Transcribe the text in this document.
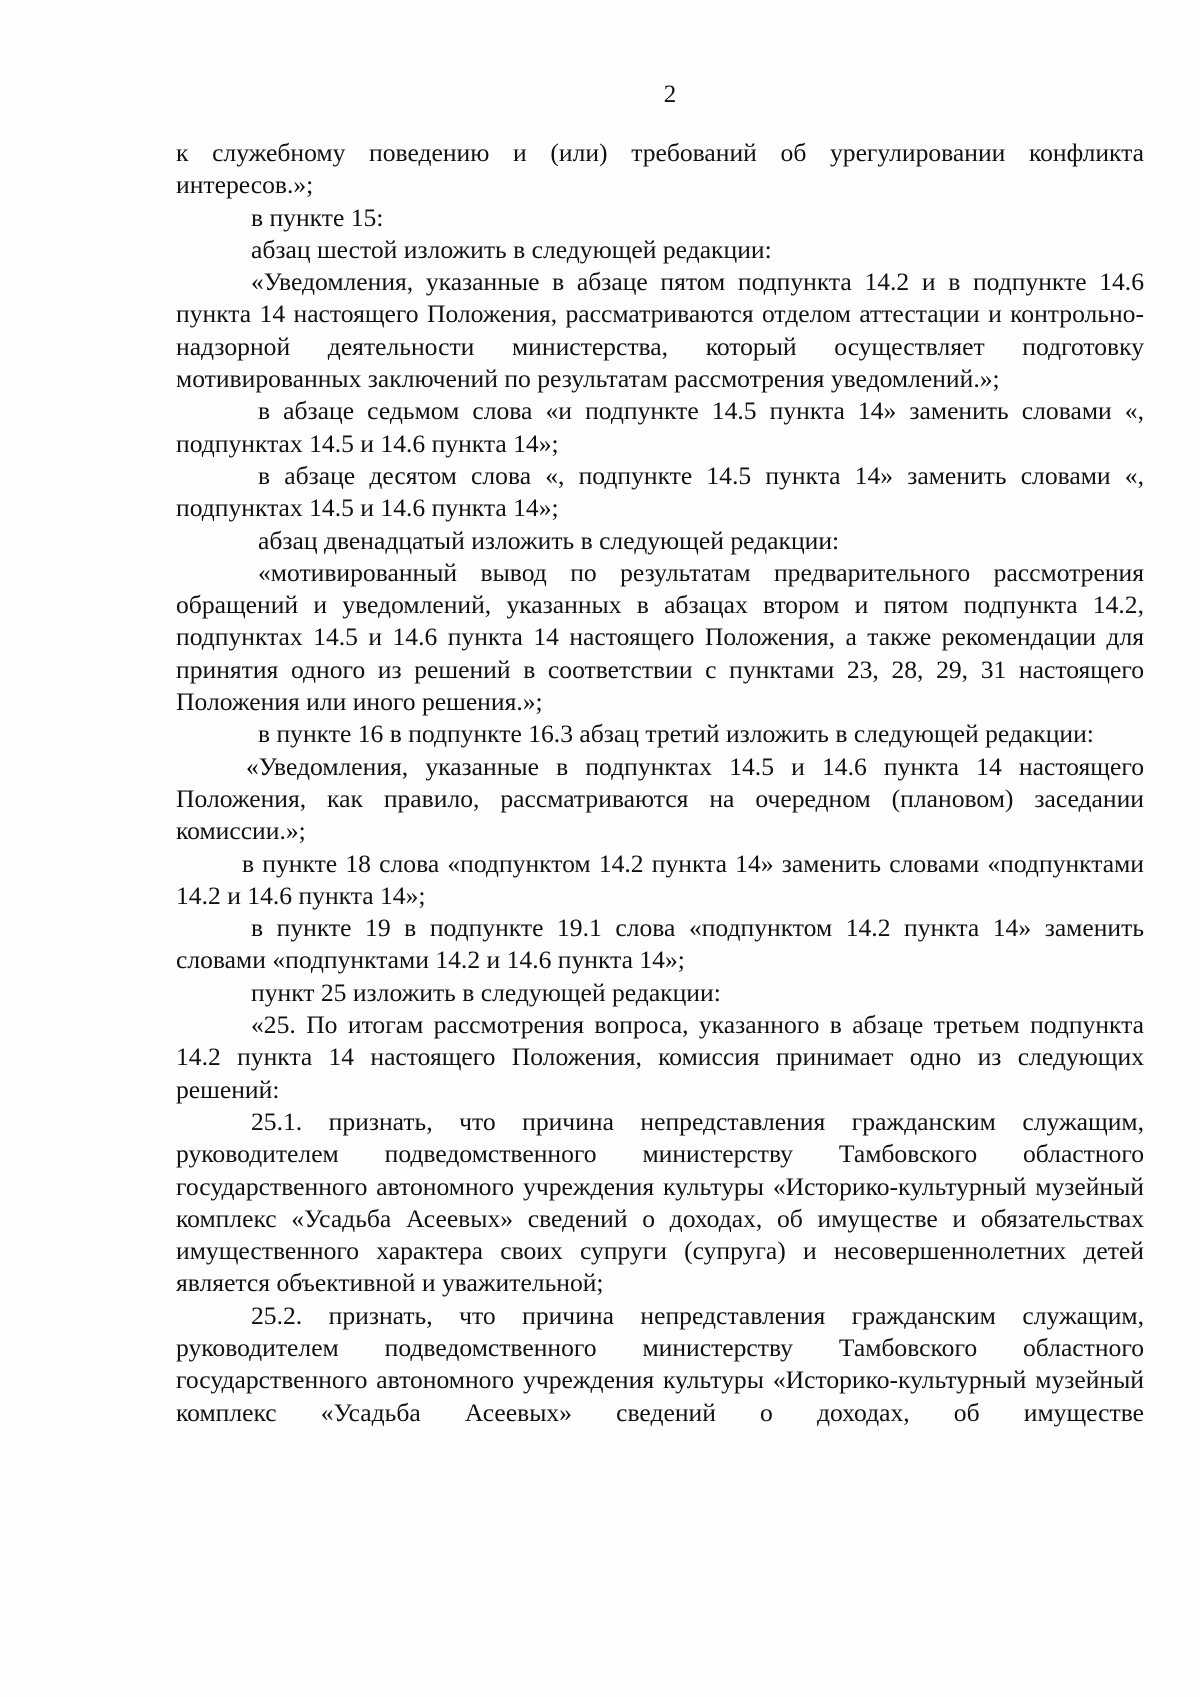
2

к служебному поведению и (или) требований об урегулировании конфликта

интересов.»;

в пункте 15:

абзац шестой изложить в следующей редакции:

«Уведомления, указанные в абзаце пятом подпункта 14.2 и в подпункте 14.6 пункта 14 настоящего Положения, рассматриваются отделом аттестации и контрольно-надзорной деятельности министерства, который осуществляет подготовку мотивированных заключений по результатам рассмотрения уведомлений.»;

в абзаце седьмом слова «и подпункте 14.5 пункта 14» заменить словами «, подпунктах 14.5 и 14.6 пункта 14»;

в абзаце десятом слова «, подпункте 14.5 пункта 14» заменить словами «, подпунктах 14.5 и 14.6 пункта 14»;

абзац двенадцатый изложить в следующей редакции:

«мотивированный вывод по результатам предварительного рассмотрения обращений и уведомлений, указанных в абзацах втором и пятом подпункта 14.2, подпунктах 14.5 и 14.6 пункта 14 настоящего Положения, а также рекомендации для принятия одного из решений в соответствии с пунктами 23, 28, 29, 31 настоящего Положения или иного решения.»;

в пункте 16 в подпункте 16.3 абзац третий изложить в следующей редакции:

«Уведомления, указанные в подпунктах 14.5 и 14.6 пункта 14 настоящего Положения, как правило, рассматриваются на очередном (плановом) заседании комиссии.»;

в пункте 18 слова «подпунктом 14.2 пункта 14» заменить словами «подпунктами 14.2 и 14.6 пункта 14»;

в пункте 19 в подпункте 19.1 слова «подпунктом 14.2 пункта 14» заменить словами «подпунктами 14.2 и 14.6 пункта 14»;

пункт 25 изложить в следующей редакции:

«25. По итогам рассмотрения вопроса, указанного в абзаце третьем подпункта 14.2 пункта 14 настоящего Положения, комиссия принимает одно из следующих решений:

25.1. признать, что причина непредставления гражданским служащим, руководителем подведомственного министерству Тамбовского областного государственного автономного учреждения культуры «Историко-культурный музейный комплекс «Усадьба Асеевых» сведений о доходах, об имуществе и обязательствах имущественного характера своих супруги (супруга) и несовершеннолетних детей является объективной и уважительной;

25.2. признать, что причина непредставления гражданским служащим, руководителем подведомственного министерству Тамбовского областного государственного автономного учреждения культуры «Историко-культурный музейный комплекс «Усадьба Асеевых» сведений о доходах, об имуществе
